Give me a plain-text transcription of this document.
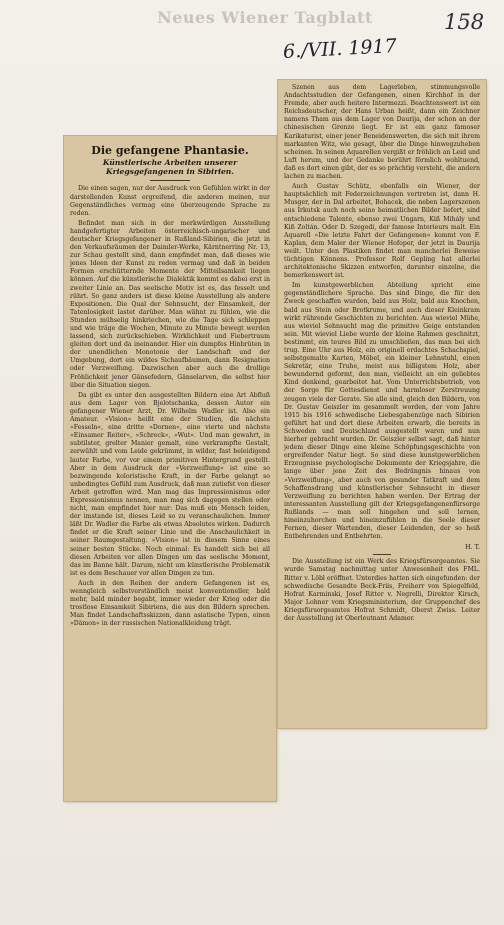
Neues Wiener Tagblatt	158
6./VII. 1917
Die gefangene Phantasie.
Künstlerische Arbeiten unserer Kriegsgefangenen in Sibirien.

Die einen sagen, nur der Ausdruck von Gefühlen wirkt in der darstellenden Kunst ergreifend, die anderen meinen, nur Gegenständliches vermag eine überzeugende Sprache zu reden.

Befindet man sich in der merkwürdigen Ausstellung handgefertigter Arbeiten österreichisch-ungarischer und deutscher Kriegsgefangener in Rußland-Sibirien, die jetzt in den Verkaufsräumen der Daimler-Werke, Kärntnerring Nr. 13, zur Schau gestellt sind, dann empfindet man, daß dieses wie jenes Ideen der Kunst zu reden vermag und daß in beiden Formen erschütternde Momente der Mitteilsamkeit liegen können. Auf die künstlerische Dialektik kommt es dabei erst in zweiter Linie an. Das seelische Motiv ist es, das fesselt und rührt. So ganz anders ist diese kleine Ausstellung als andere Expositionen. Die Qual der Sehnsucht, der Einsamkeit, der Tatenlosigkeit lastet darüber. Man wähnt zu fühlen, wie die Stunden mühselig hinkriechen, wie die Tage sich schleppen und wie träge die Wochen, Minute zu Minute bewegt werden lassend, sich zurückschieben. Wirklichkeit und Fiebertraum gleiten dort und da ineinander. Hier ein dumpfes Hinbrüten in der unendlichen Monotonie der Landschaft und der Umgebung, dort ein wildes Sichaufbäumen, dann Resignation oder Verzweiflung. Dazwischen aber auch die drollige Fröhlichkeit jener Gänsefedern, Gänselarven, die selbst hier über die Situation siegen.

Da gibt es unter den ausgestellten Bildern eine Art Abfluß aus dem Lager von Bjelotschanka, dessen Autor ein gefangener Wiener Arzt, Dr. Wilhelm Wadler ist. Also ein Amateur. »Vision« heißt eine der Studien, die nächste »Fesseln«, eine dritte »Dornen«, eine vierte und nächste »Einsamer Reiter«, »Schreck«, »Wut«. Und man gewahrt, in subtilster, grelter Manier gemalt, eine verkrampfte Gestalt, zerwühlt und vom Leide gekrümmt, in wilder, fast beleidigend lauter Farbe, vor vor einem primitiven Hintergrund gestellt. Aber in dem Ausdruck der »Verzweiflung« ist eine so bezwingende koloristische Kraft, in der Farbe gelangt so unbedingtes Gefühl zum Ausdruck, daß man zutiefst von dieser Arbeit getroffen wird. Man mag das Impressionismus oder Expressionismus nennen, man mag sich dagegen stellen oder nicht, man empfindet hier nur: Das muß ein Mensch leiden, der imstande ist, dieses Leid so zu veranschaulichen. Immer läßt Dr. Wadler die Farbe als etwas Absolutes wirken. Dadurch findet er die Kraft seiner Linie und die Anschaulichkeit in seiner Raumgestaltung. »Vision« ist in diesem Sinne eines seiner besten Stücke. Noch einmal: Es handelt sich bei all diesen Arbeiten vor allen Dingen um das seelische Moment, das im Banne hält. Darum, nicht um künstlerische Problematik ist es dem Beschauer vor allen Dingen zu tun.

Auch in den Reihen der andern Gefangenen ist es, wenngleich selbstverständlich meist konventioneller, bald mehr, bald minder begabt, immer wieder der Krieg oder die trostlose Einsamkeit Sibiriens, die aus den Bildern sprechen. Man findet Landschaftsskizzen, dann asiatische Typen, einen »Dämon« in der russischen Nationalkleidung trägt.

Szenen aus dem Lagerleben, stimmungsvolle Andachtsstudien der Gefangenen, einen Kirchhof in der Fremde, aber auch heitere Intermezzi. Beachtenswert ist ein Reichsdeutscher, der Hans Urban heißt, dann ein Zeichner namens Tham aus dem Lager von Daurija, der schon an der chinesischen Grenze liegt. Er ist ein ganz famoser Karikaturist, einer jener Beneidenswerten, die sich mit ihrem markanten Witz, wie gesagt, über die Dinge hinwegzuheben scheinen. In seinen Aquarellen vergißt er fröhlich an Leid und Luft herum, und der Gedanke berührt förmlich wohltuend, daß es dort einen gibt, der es so prächtig versteht, die andern lachen zu machen.

Auch Gustav Schütz, ebenfalls ein Wiener, der hauptsächlich mit Federzeichnungen vertreten ist, dann H. Musger, der in Dal arbeitet, Bohacek, die neben Lagerszenen aus Irkutsk auch noch seine heimatlichen Bilder liefert, sind entschiedene Talente, ebenso zwei Ungarn, Kiß Mihály und Kiß Zoltán. Oder D. Szegedi, der famose Interieurs malt. Ein Aquarell »Die letzte Fahrt der Gefangenen« kommt von F. Kaplan, dem Maler der Wiener Hofoper, der jetzt in Daurija weilt. Unter den Plastiken findet man mancherlei Beweise tüchtigen Könnens. Professor Rolf Gepling hat allerlei architektonische Skizzen entworfen, darunter einzelne, die bemerkenswert ist.

Im kunstgewerblichen Abteilung spricht eine gegenständlichere Sprache. Das sind Dinge, die für den Zweck geschaffen wurden, bald aus Holz, bald aus Knochen, bald aus Stein oder Brotkrume, und auch dieser Kleinkram wirkt rührende Geschichten zu berichten. Aus wieviel Mühe, aus wieviel Sehnsucht mag die primitive Geige entstanden sein. Mit wieviel Liebe wurde der kleine Rahmen geschnitzt, bestimmt, ein teures Bild zu umschließen, das man bei sich trug. Eine Uhr aus Holz, ein originell erdachtes Schachspiel, selbstgemalte Karten, Möbel, ein kleiner Lehnstuhl, einen Sekretär, eine Truhe, meist aus billigstem Holz, aber bewundernd geformt, den man, vielleicht an ein geliebtes Kind denkend, gearbeitet hat. Vom Unterrichtsbetrieb, von der Sorge für Gottesdienst und harmloser Zerstreuung zeugen viele der Gerate. Sie alle sind, gleich den Bildern, von Dr. Gustav Geiszler im gesammelt worden, der vom Jahre 1915 bis 1916 schwedische Liebesgabenzüge nach Sibirien geführt hat und dort diese Arbeiten erwarb, die bereits in Schweden und Deutschland ausgestellt waren und nun hierher gebracht wurden. Dr. Geiszler selbst sagt, daß hinter jedem dieser Dinge eine kleine Schöpfungsgeschichte von ergreifender Natur liegt. So sind diese kunstgewerblichen Erzeugnisse psychologische Dokumente der Kriegsjahre, die lange über jene Zeit des Bedrängnis hinaus von »Verzweiflung«, aber auch von gesunder Tatkraft und dem Schaffensdrang und künstlerischer Sehnsucht in dieser Verzweiflung zu berichten haben werden. Der Ertrag der interessanten Ausstellung gilt der Kriegsgefangenenfürsorge Rußlands — man soll hingehen und soll lernen, hineinzuhorchen und hineinzufühlen in die Seele dieser Fernen, dieser Wartenden, dieser Leidenden, der so heiß Entbehrenden und Entbehrten.

H. T.

Die Ausstellung ist ein Werk des Kriegsfürsorgeamtes. Sie wurde Samstag nachmittag unter Anwesenheit des FML. Ritter v. Löbl eröffnet. Unterdies hatten sich eingefunden: der schwedische Gesandte Beck-Friis, Freiherr von Spiegelfeld, Hofrat Karminski, Josef Ritter v. Negrelli, Direktor Kirsch, Major Lohner vom Kriegsministerium, der Gruppenchef des Kriegsfürsorgeamtes Hofrat Schmidt, Oberst Zwiss. Leiter der Ausstellung ist Oberleutnant Adamer.
